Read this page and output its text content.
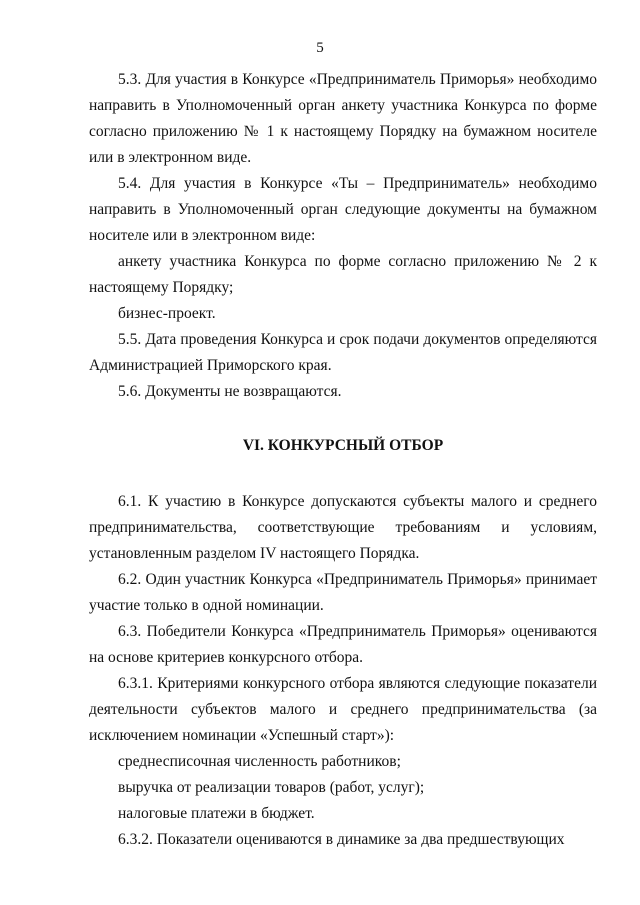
5

5.3. Для участия в Конкурсе «Предприниматель Приморья» необходимо направить в Уполномоченный орган анкету участника Конкурса по форме согласно приложению № 1 к настоящему Порядку на бумажном носителе или в электронном виде.

5.4. Для участия в Конкурсе «Ты – Предприниматель» необходимо направить в Уполномоченный орган следующие документы на бумажном носителе или в электронном виде:

анкету участника Конкурса по форме согласно приложению № 2 к настоящему Порядку;

бизнес-проект.

5.5. Дата проведения Конкурса и срок подачи документов определяются Администрацией Приморского края.

5.6. Документы не возвращаются.

VI. КОНКУРСНЫЙ ОТБОР

6.1. К участию в Конкурсе допускаются субъекты малого и среднего предпринимательства, соответствующие требованиям и условиям, установленным разделом IV настоящего Порядка.

6.2. Один участник Конкурса «Предприниматель Приморья» принимает участие только в одной номинации.

6.3. Победители Конкурса «Предприниматель Приморья» оцениваются на основе критериев конкурсного отбора.

6.3.1. Критериями конкурсного отбора являются следующие показатели деятельности субъектов малого и среднего предпринимательства (за исключением номинации «Успешный старт»):

среднесписочная численность работников;

выручка от реализации товаров (работ, услуг);

налоговые платежи в бюджет.

6.3.2. Показатели оцениваются в динамике за два предшествующих
